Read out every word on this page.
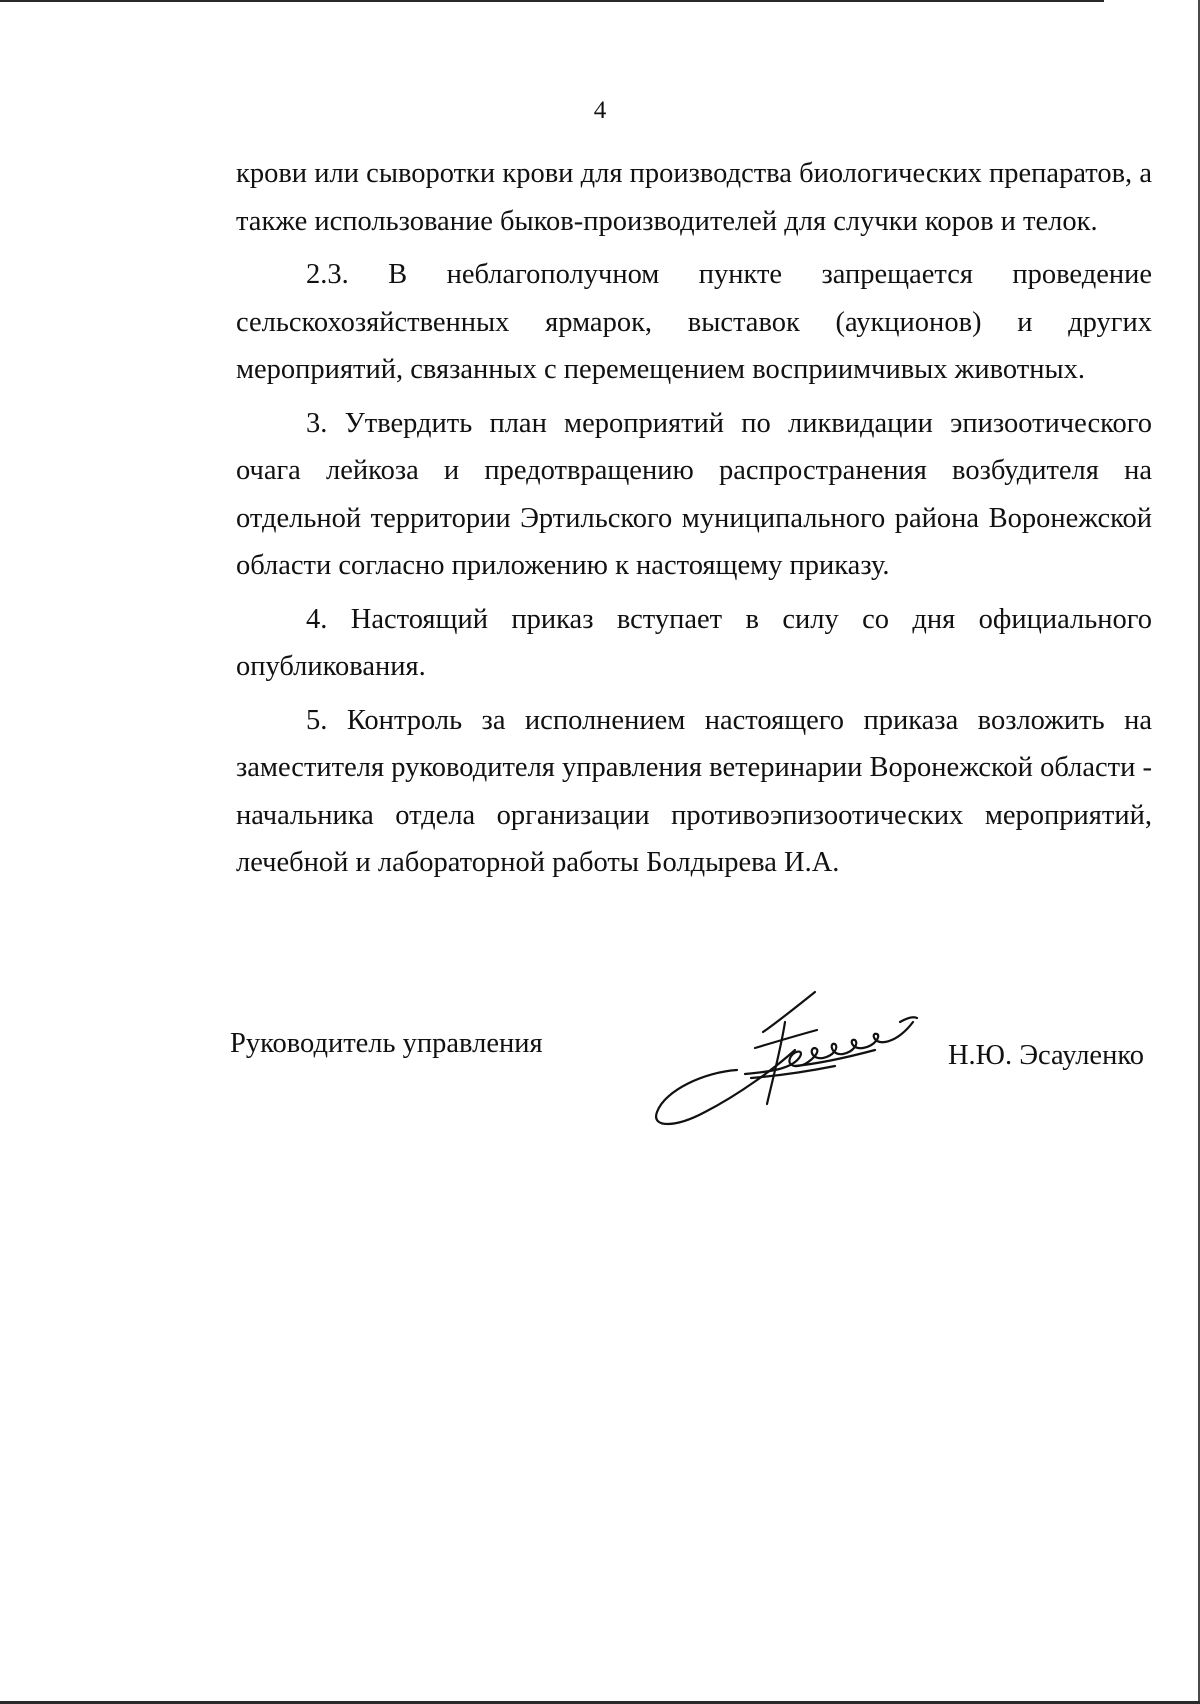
4

крови или сыворотки крови для производства биологических препаратов, а также использование быков-производителей для случки коров и телок.

2.3. В неблагополучном пункте запрещается проведение сельскохозяйственных ярмарок, выставок (аукционов) и других мероприятий, связанных с перемещением восприимчивых животных.

3. Утвердить план мероприятий по ликвидации эпизоотического очага лейкоза и предотвращению распространения возбудителя на отдельной территории Эртильского муниципального района Воронежской области согласно приложению к настоящему приказу.

4. Настоящий приказ вступает в силу со дня официального опубликования.

5. Контроль за исполнением настоящего приказа возложить на заместителя руководителя управления ветеринарии Воронежской области - начальника отдела организации противоэпизоотических мероприятий, лечебной и лабораторной работы Болдырева И.А.

Руководитель управления	Н.Ю. Эсауленко
